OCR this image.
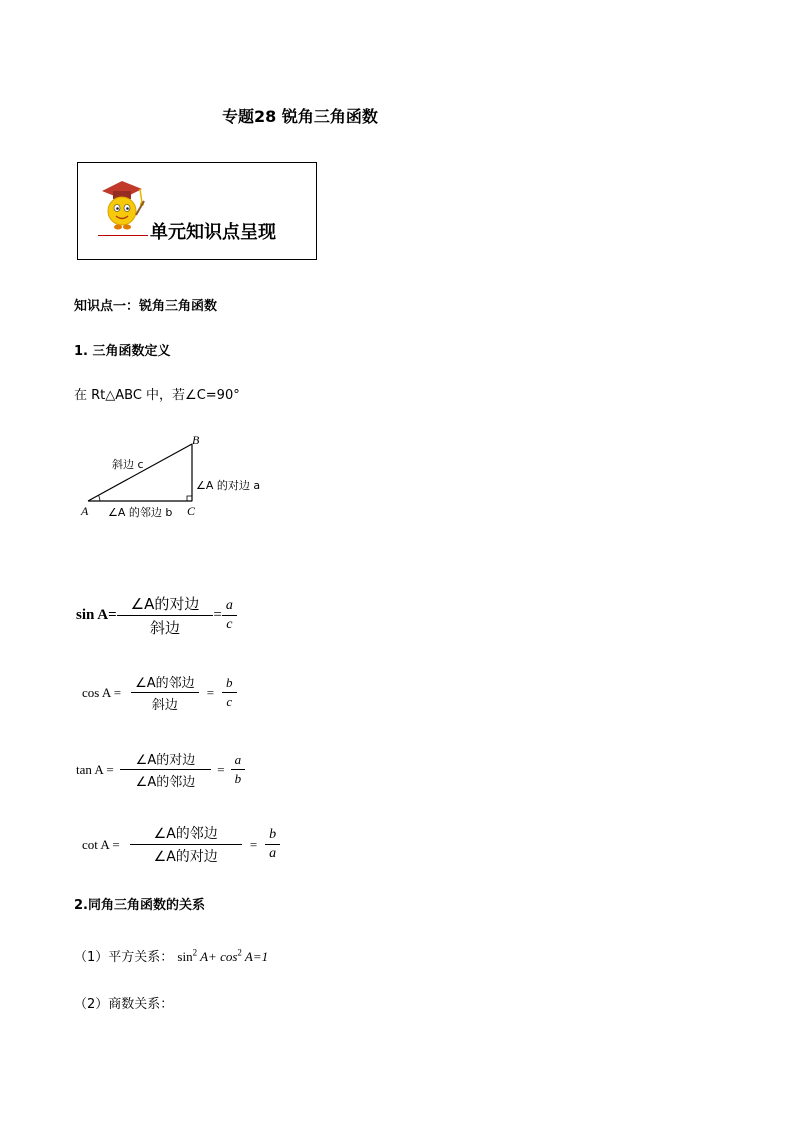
专题28 锐角三角函数
单元知识点呈现
知识点一：锐角三角函数
1. 三角函数定义
在 Rt△ABC 中，若∠C=90°
B
A	C
斜边 c
∠A 的对边 a
∠A 的邻边 b
$\sin A= \frac{\text{∠A的对边}}{\text{斜边}} = \frac{a}{c}$
$\cos A = \frac{\text{∠A的邻边}}{\text{斜边}} = \frac{b}{c}$
$\tan A = \frac{\text{∠A的对边}}{\text{∠A的邻边}} = \frac{a}{b}$
$\cot A = \frac{\text{∠A的邻边}}{\text{∠A的对边}} = \frac{b}{a}$
2.同角三角函数的关系
（1）平方关系： $\sin^2 A+ \cos^2 A=1$
（2）商数关系：
